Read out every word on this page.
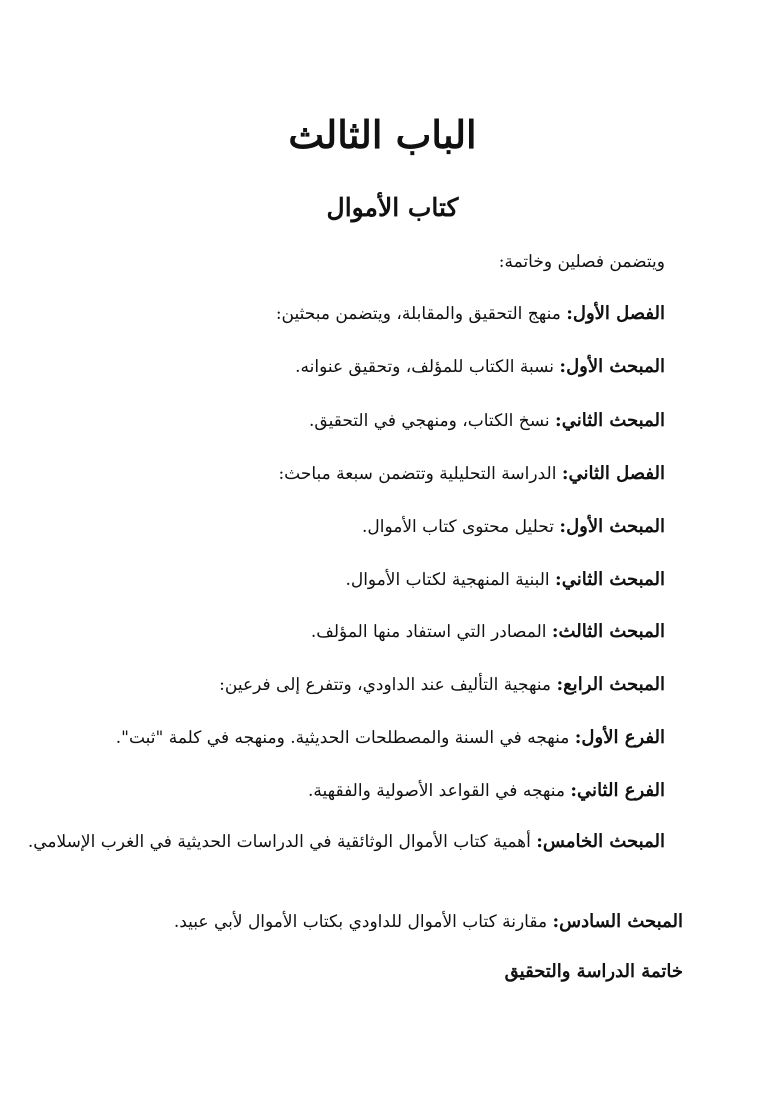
الباب الثالث
كتاب الأموال
ويتضمن فصلين وخاتمة:
الفصل الأول: منهج التحقيق والمقابلة، ويتضمن مبحثين:
المبحث الأول: نسبة الكتاب للمؤلف، وتحقيق عنوانه.
المبحث الثاني: نسخ الكتاب، ومنهجي في التحقيق.
الفصل الثاني: الدراسة التحليلية وتتضمن سبعة مباحث:
المبحث الأول: تحليل محتوى كتاب الأموال.
المبحث الثاني: البنية المنهجية لكتاب الأموال.
المبحث الثالث: المصادر التي استفاد منها المؤلف.
المبحث الرابع: منهجية التأليف عند الداودي، وتتفرع إلى فرعين:
الفرع الأول: منهجه في السنة والمصطلحات الحديثية. ومنهجه في كلمة "ثبت".
الفرع الثاني: منهجه في القواعد الأصولية والفقهية.
المبحث الخامس: أهمية كتاب الأموال الوثائقية في الدراسات الحديثية في الغرب الإسلامي.
المبحث السادس: مقارنة كتاب الأموال للداودي بكتاب الأموال لأبي عبيد.
خاتمة الدراسة والتحقيق
